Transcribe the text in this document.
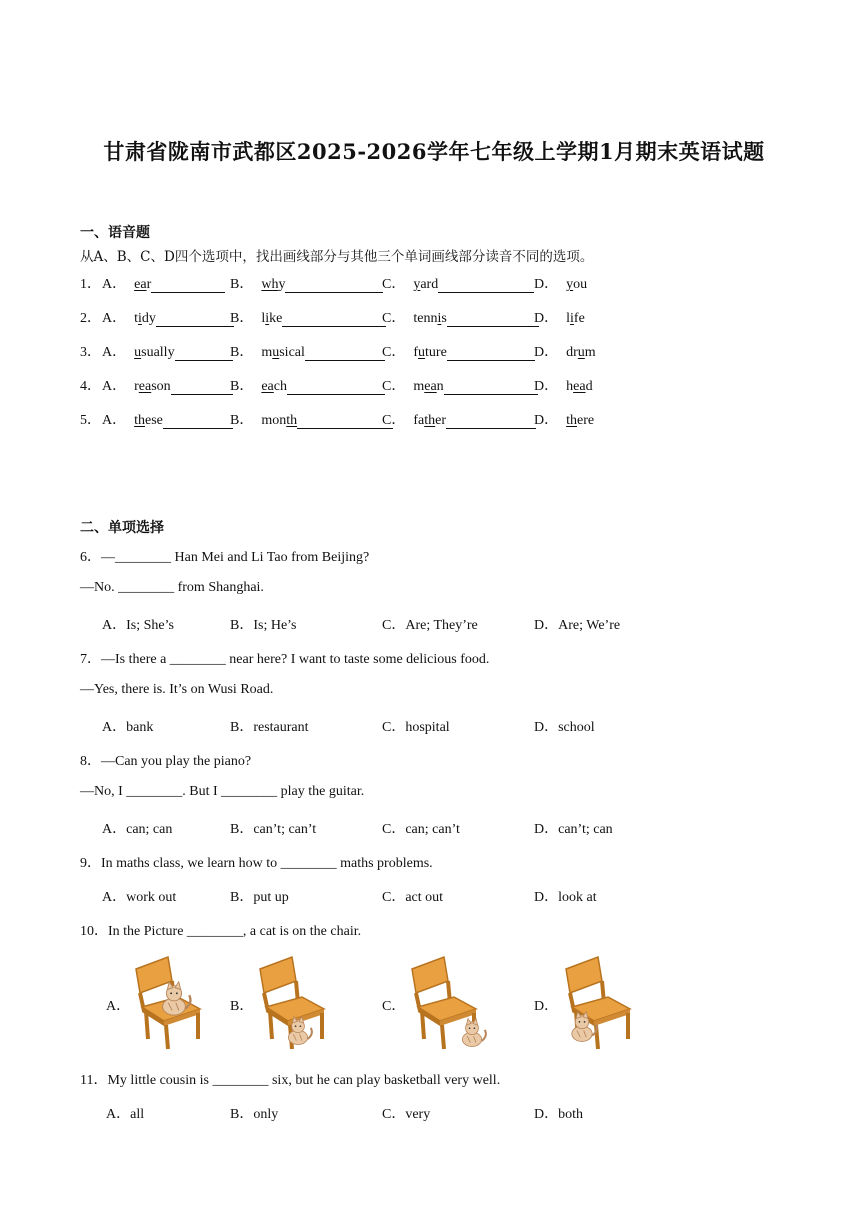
甘肃省陇南市武都区2025-2026学年七年级上学期1月期末英语试题
一、语音题
从A、B、C、D四个选项中，找出画线部分与其他三个单词画线部分读音不同的选项。
1． A． ear	B． why	C． yard	D． you
2． A． tidy	B． like	C． tennis	D． life
3． A． usually	B． musical	C． future	D． drum
4． A． reason	B． each	C． mean	D． head
5． A． these	B． month	C． father	D． there
二、单项选择
6．—________ Han Mei and Li Tao from Beijing?
—No. ________ from Shanghai.
A．Is; She’s	B．Is; He’s	C．Are; They’re	D．Are; We’re
7．—Is there a ________ near here? I want to taste some delicious food.
—Yes, there is. It’s on Wusi Road.
A．bank	B．restaurant	C．hospital	D．school
8．—Can you play the piano?
—No, I ________. But I ________ play the guitar.
A．can; can	B．can’t; can’t	C．can; can’t	D．can’t; can
9．In maths class, we learn how to ________ maths problems.
A．work out	B．put up	C．act out	D．look at
10．In the Picture ________, a cat is on the chair.
A．	B．	C．	D．
11．My little cousin is ________ six, but he can play basketball very well.
A．all	B．only	C．very	D．both
